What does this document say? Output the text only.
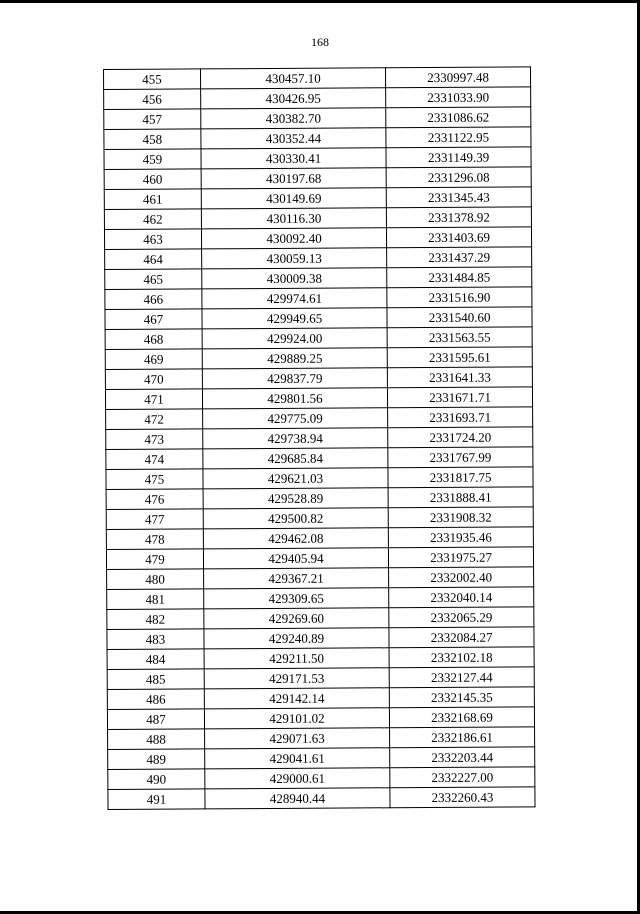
168
455	430457.10	2330997.48
456	430426.95	2331033.90
457	430382.70	2331086.62
458	430352.44	2331122.95
459	430330.41	2331149.39
460	430197.68	2331296.08
461	430149.69	2331345.43
462	430116.30	2331378.92
463	430092.40	2331403.69
464	430059.13	2331437.29
465	430009.38	2331484.85
466	429974.61	2331516.90
467	429949.65	2331540.60
468	429924.00	2331563.55
469	429889.25	2331595.61
470	429837.79	2331641.33
471	429801.56	2331671.71
472	429775.09	2331693.71
473	429738.94	2331724.20
474	429685.84	2331767.99
475	429621.03	2331817.75
476	429528.89	2331888.41
477	429500.82	2331908.32
478	429462.08	2331935.46
479	429405.94	2331975.27
480	429367.21	2332002.40
481	429309.65	2332040.14
482	429269.60	2332065.29
483	429240.89	2332084.27
484	429211.50	2332102.18
485	429171.53	2332127.44
486	429142.14	2332145.35
487	429101.02	2332168.69
488	429071.63	2332186.61
489	429041.61	2332203.44
490	429000.61	2332227.00
491	428940.44	2332260.43
